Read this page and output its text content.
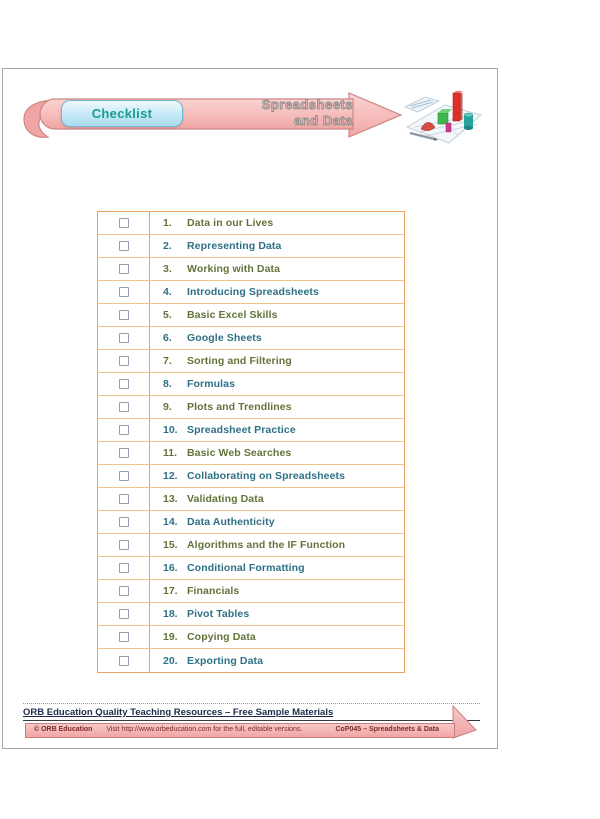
Checklist
Spreadsheets
and Data
1.	Data in our Lives
2.	Representing Data
3.	Working with Data
4.	Introducing Spreadsheets
5.	Basic Excel Skills
6.	Google Sheets
7.	Sorting and Filtering
8.	Formulas
9.	Plots and Trendlines
10. Spreadsheet Practice
11. Basic Web Searches
12. Collaborating on Spreadsheets
13. Validating Data
14. Data Authenticity
15. Algorithms and the IF Function
16. Conditional Formatting
17. Financials
18. Pivot Tables
19. Copying Data
20. Exporting Data
ORB Education Quality Teaching Resources – Free Sample Materials
© ORB Education Visit http://www.orbeducation.com for the full, editable versions.	CoP045 – Spreadsheets & Data
